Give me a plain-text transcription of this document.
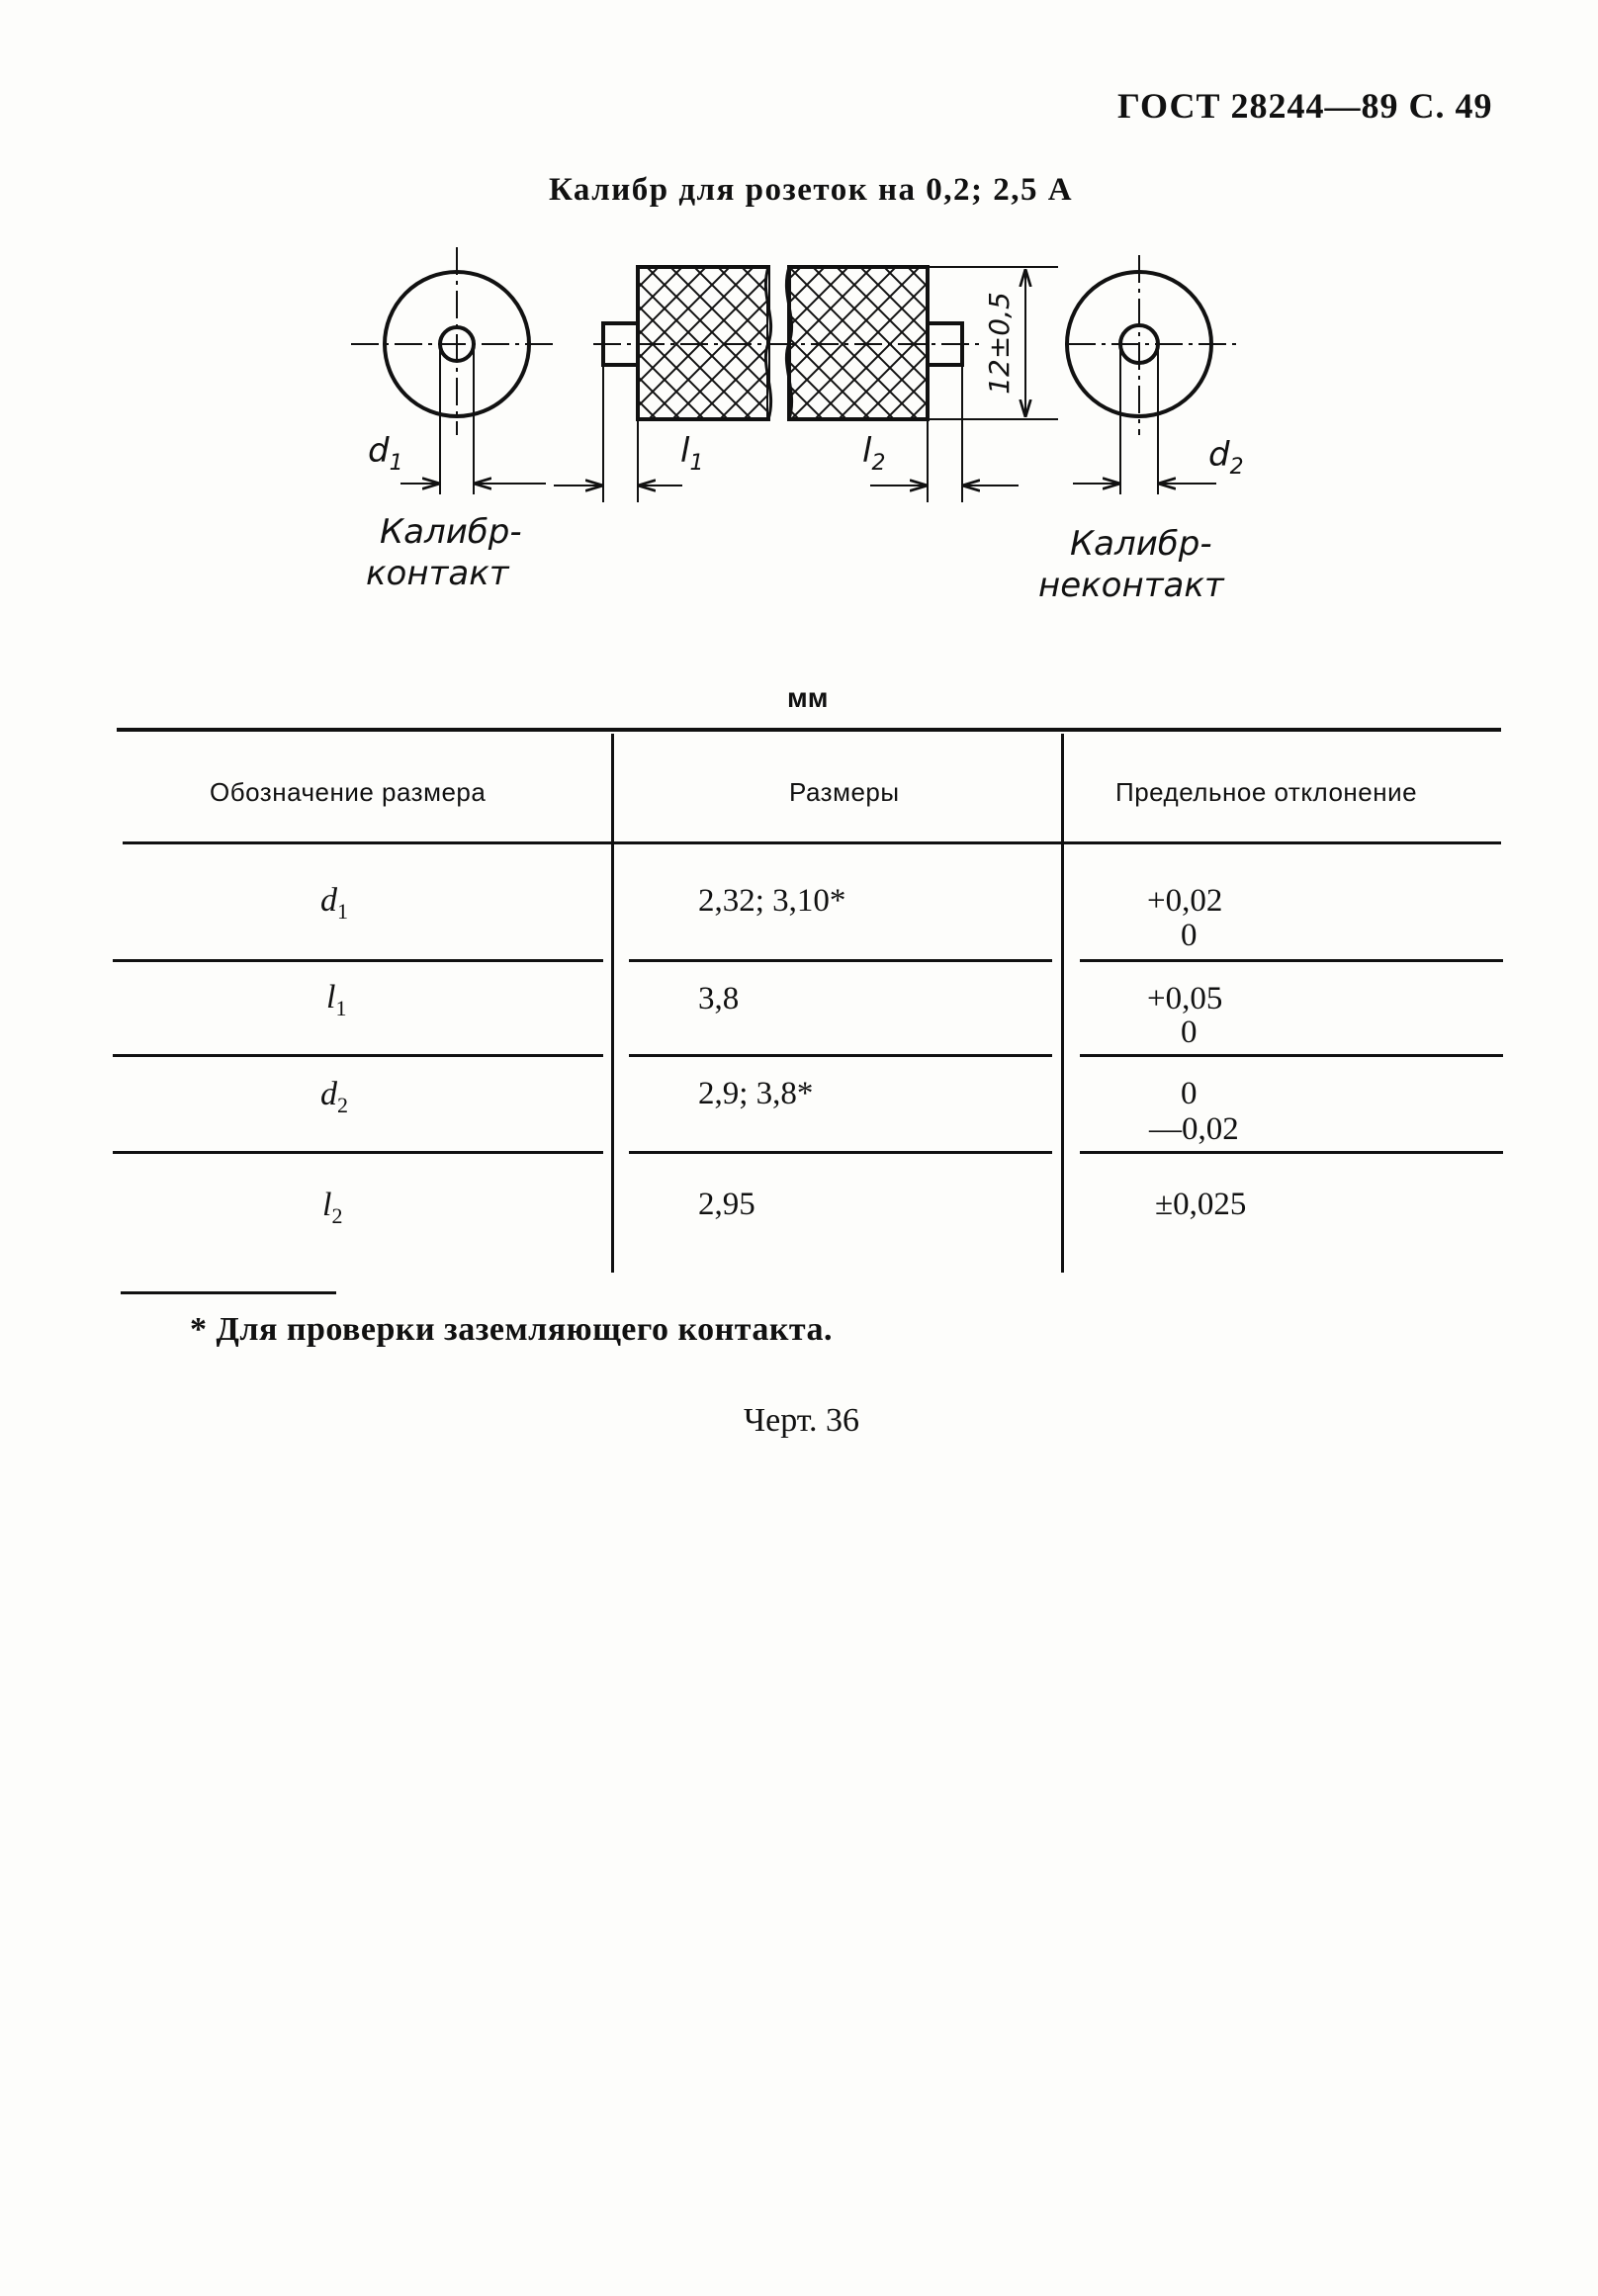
ГОСТ 28244—89 С. 49
Калибр для розеток на 0,2; 2,5 А
12±0,5
$d_1$	$l_1$	$l_2$	$d_2$
Калибр-
контакт
Калибр-
неконтакт
мм
Обозначение размера	Размеры	Предельное отклонение
$d_1$	2,32; 3,10*	+0,02
0
$l_1$	3,8	+0,05
0
$d_2$	2,9; 3,8*	0
—0,02
$l_2$	2,95	±0,025
* Для проверки заземляющего контакта.
Черт. 36
